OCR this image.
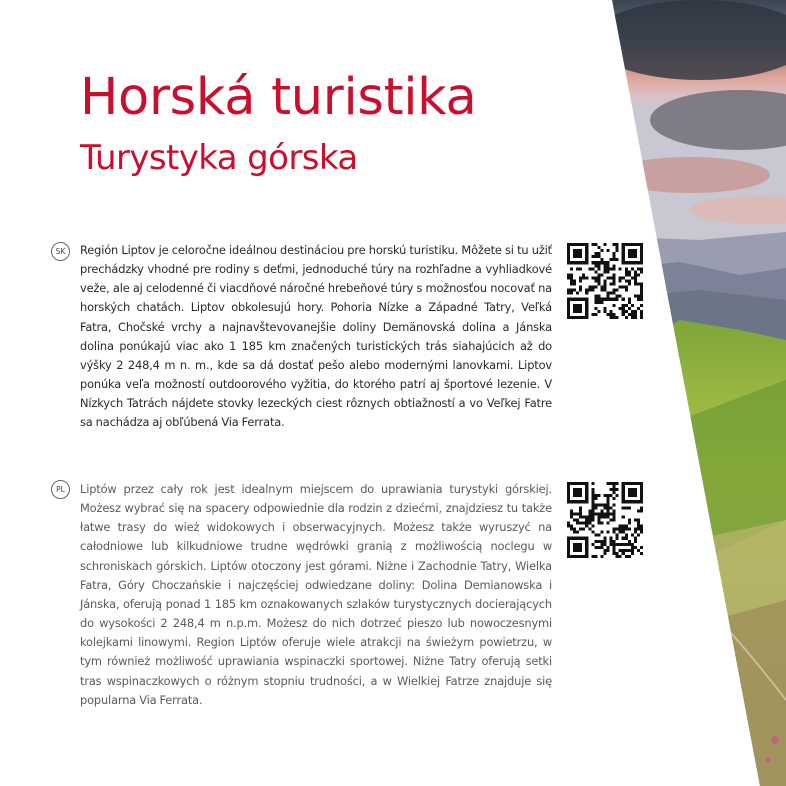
Horská turistika
Turystyka górska
SK	Región Liptov je celoročne ideálnou destináciou pre horskú turistiku. Môžete si tu užiť prechádzky vhodné pre rodiny s deťmi, jednoduché túry na rozhľadne a vyhliadkové veže, ale aj celodenné či viacdňové náročné hrebeňové túry s možnosťou nocovať na horských chatách. Liptov obkolesujú hory. Pohoria Nízke a Západné Tatry, Veľká Fatra, Chočské vrchy a najnavštevovanejšie doliny Demänovská dolina a Jánska dolina ponúkajú viac ako 1 185 km značených turistických trás siahajúcich až do výšky 2 248,4 m n. m., kde sa dá dostať pešo alebo modernými lanovkami. Liptov ponúka veľa možností outdoorového vyžitia, do ktorého patrí aj športové lezenie. V Nízkych Tatrách nájdete stovky lezeckých ciest rôznych obtiažností a vo Veľkej Fatre sa nachádza aj obľúbená Via Ferrata.

PL	Liptów przez cały rok jest idealnym miejscem do uprawiania turystyki górskiej. Możesz wybrać się na spacery odpowiednie dla rodzin z dziećmi, znajdziesz tu także łatwe trasy do wież widokowych i obserwacyjnych. Możesz także wyruszyć na całodniowe lub kilkudniowe trudne wędrówki granią z możliwością noclegu w schroniskach górskich. Liptów otoczony jest górami. Niżne i Zachodnie Tatry, Wielka Fatra, Góry Choczańskie i najczęściej odwiedzane doliny: Dolina Demianowska i Jánska, oferują ponad 1 185 km oznakowanych szlaków turystycznych docierających do wysokości 2 248,4 m n.p.m. Możesz do nich dotrzeć pieszo lub nowoczesnymi kolejkami linowymi. Region Liptów oferuje wiele atrakcji na świeżym powietrzu, w tym również możliwość uprawiania wspinaczki sportowej. Niżne Tatry oferują setki tras wspinaczkowych o różnym stopniu trudności, a w Wielkiej Fatrze znajduje się popularna Via Ferrata.
